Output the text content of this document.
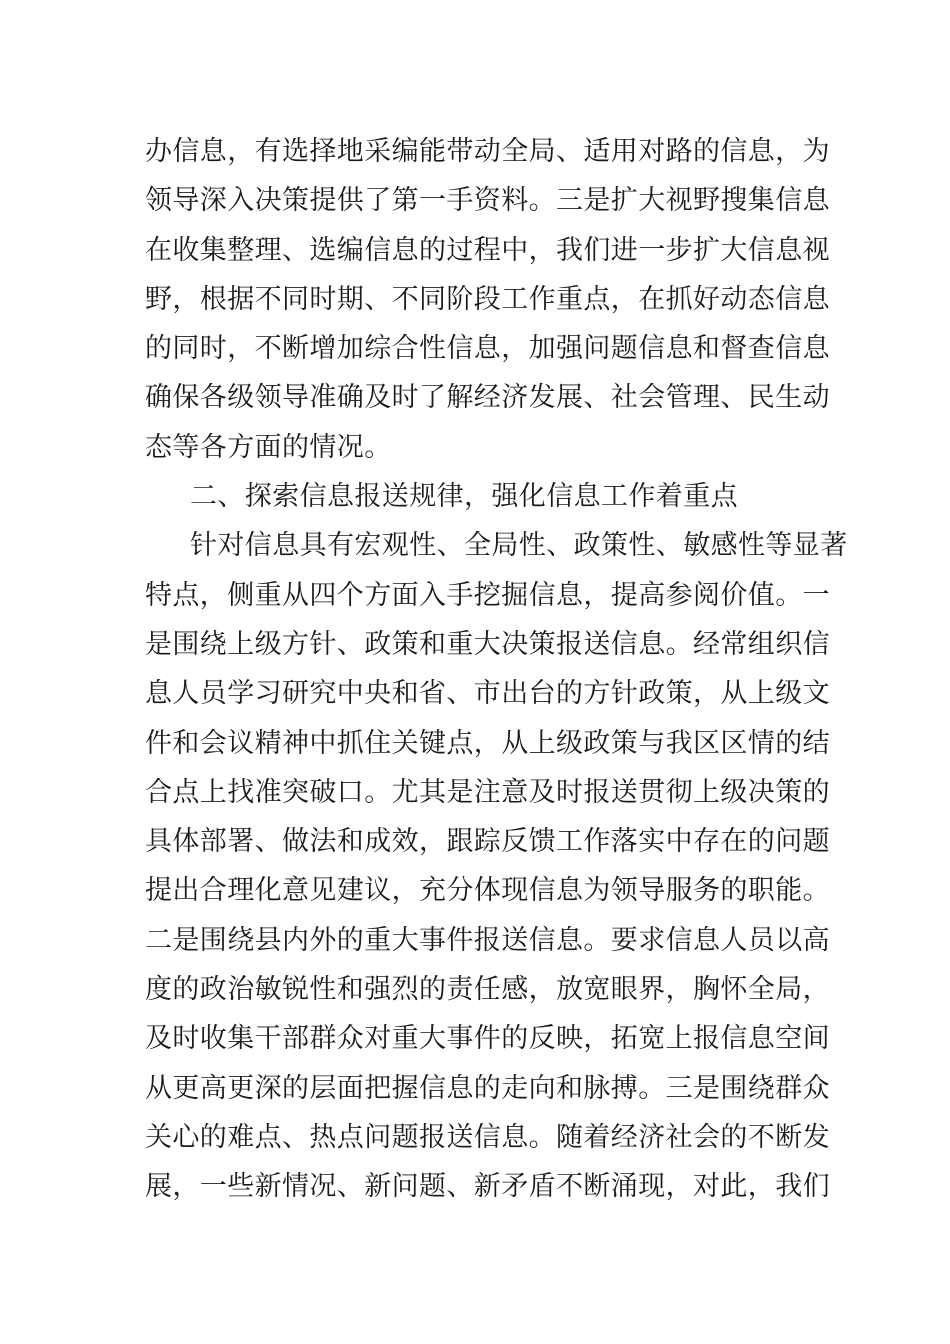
办信息，有选择地采编能带动全局、适用对路的信息，为
领导深入决策提供了第一手资料。三是扩大视野搜集信息
在收集整理、选编信息的过程中，我们进一步扩大信息视
野，根据不同时期、不同阶段工作重点，在抓好动态信息
的同时，不断增加综合性信息，加强问题信息和督查信息
确保各级领导准确及时了解经济发展、社会管理、民生动
态等各方面的情况。
二、探索信息报送规律，强化信息工作着重点
针对信息具有宏观性、全局性、政策性、敏感性等显著
特点，侧重从四个方面入手挖掘信息，提高参阅价值。一
是围绕上级方针、政策和重大决策报送信息。经常组织信
息人员学习研究中央和省、市出台的方针政策，从上级文
件和会议精神中抓住关键点，从上级政策与我区区情的结
合点上找准突破口。尤其是注意及时报送贯彻上级决策的
具体部署、做法和成效，跟踪反馈工作落实中存在的问题
提出合理化意见建议，充分体现信息为领导服务的职能。
二是围绕县内外的重大事件报送信息。要求信息人员以高
度的政治敏锐性和强烈的责任感，放宽眼界，胸怀全局，
及时收集干部群众对重大事件的反映，拓宽上报信息空间
从更高更深的层面把握信息的走向和脉搏。三是围绕群众
关心的难点、热点问题报送信息。随着经济社会的不断发
展，一些新情况、新问题、新矛盾不断涌现，对此，我们
